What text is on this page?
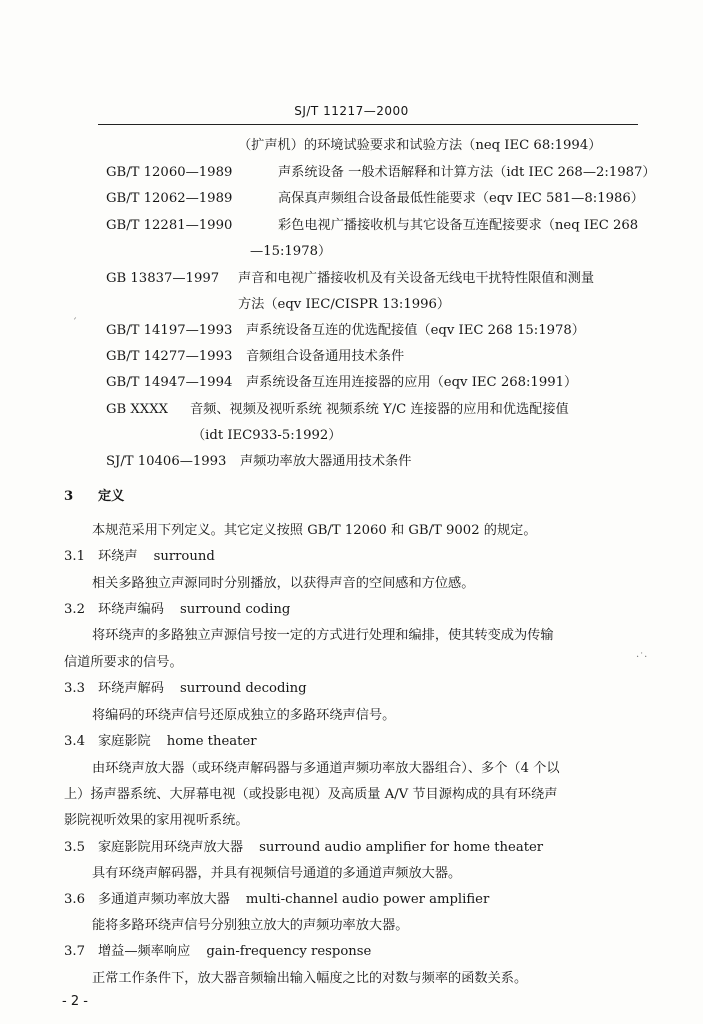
SJ/T 11217—2000
（扩声机）的环境试验要求和试验方法（neq IEC 68:1994）
GB/T 12060—1989	声系统设备 一般术语解释和计算方法（idt IEC 268—2:1987）
GB/T 12062—1989	高保真声频组合设备最低性能要求（eqv IEC 581—8:1986）
GB/T 12281—1990	彩色电视广播接收机与其它设备互连配接要求（neq IEC 268
—15:1978）
GB 13837—1997 声音和电视广播接收机及有关设备无线电干扰特性限值和测量
方法（eqv IEC/CISPR 13:1996）
GB/T 14197—1993 声系统设备互连的优选配接值（eqv IEC 268 15:1978）
GB/T 14277—1993 音频组合设备通用技术条件
GB/T 14947—1994 声系统设备互连用连接器的应用（eqv IEC 268:1991）
GB XXXX 音频、视频及视听系统 视频系统 Y/C 连接器的应用和优选配接值
（idt IEC933-5:1992）
SJ/T 10406—1993 声频功率放大器通用技术条件
3 定义
本规范采用下列定义。其它定义按照 GB/T 12060 和 GB/T 9002 的规定。
3.1 环绕声 surround
相关多路独立声源同时分别播放，以获得声音的空间感和方位感。
3.2 环绕声编码 surround coding
将环绕声的多路独立声源信号按一定的方式进行处理和编排，使其转变成为传输
信道所要求的信号。
3.3 环绕声解码 surround decoding
将编码的环绕声信号还原成独立的多路环绕声信号。
3.4 家庭影院 home theater
由环绕声放大器（或环绕声解码器与多通道声频功率放大器组合）、多个（4 个以
上）扬声器系统、大屏幕电视（或投影电视）及高质量 A/V 节目源构成的具有环绕声
影院视听效果的家用视听系统。
3.5 家庭影院用环绕声放大器 surround audio amplifier for home theater
具有环绕声解码器，并具有视频信号通道的多通道声频放大器。
3.6 多通道声频功率放大器 multi-channel audio power amplifier
能将多路环绕声信号分别独立放大的声频功率放大器。
3.7 增益—频率响应 gain-frequency response
正常工作条件下，放大器音频输出输入幅度之比的对数与频率的函数关系。
- 2 -
ˊ
·˙·
